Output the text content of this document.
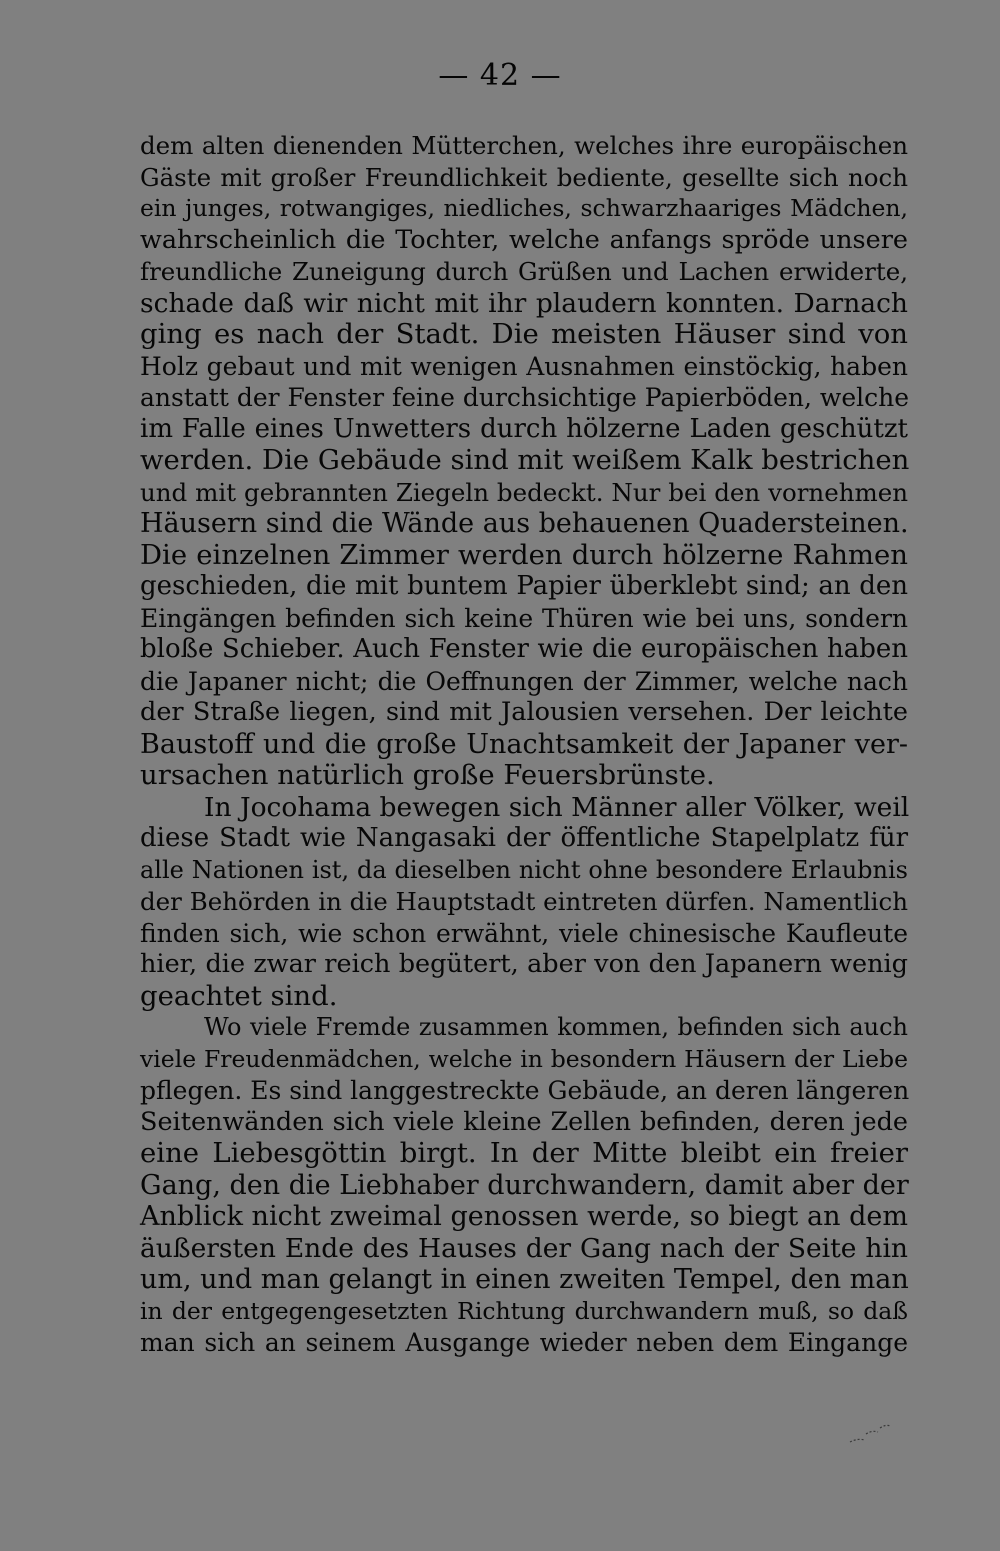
— 42 —
dem alten dienenden Mütterchen, welches ihre europäischen
Gäste mit großer Freundlichkeit bediente, gesellte sich noch
ein junges, rotwangiges, niedliches, schwarzhaariges Mädchen,
wahrscheinlich die Tochter, welche anfangs spröde unsere
freundliche Zuneigung durch Grüßen und Lachen erwiderte,
schade daß wir nicht mit ihr plaudern konnten. Darnach
ging es nach der Stadt. Die meisten Häuser sind von
Holz gebaut und mit wenigen Ausnahmen einstöckig, haben
anstatt der Fenster feine durchsichtige Papierböden, welche
im Falle eines Unwetters durch hölzerne Laden geschützt
werden. Die Gebäude sind mit weißem Kalk bestrichen
und mit gebrannten Ziegeln bedeckt. Nur bei den vornehmen
Häusern sind die Wände aus behauenen Quadersteinen.
Die einzelnen Zimmer werden durch hölzerne Rahmen
geschieden, die mit buntem Papier überklebt sind; an den
Eingängen befinden sich keine Thüren wie bei uns, sondern
bloße Schieber. Auch Fenster wie die europäischen haben
die Japaner nicht; die Oeffnungen der Zimmer, welche nach
der Straße liegen, sind mit Jalousien versehen. Der leichte
Baustoff und die große Unachtsamkeit der Japaner ver-
ursachen natürlich große Feuersbrünste.
In Jocohama bewegen sich Männer aller Völker, weil
diese Stadt wie Nangasaki der öffentliche Stapelplatz für
alle Nationen ist, da dieselben nicht ohne besondere Erlaubnis
der Behörden in die Hauptstadt eintreten dürfen. Namentlich
finden sich, wie schon erwähnt, viele chinesische Kaufleute
hier, die zwar reich begütert, aber von den Japanern wenig
geachtet sind.
Wo viele Fremde zusammen kommen, befinden sich auch
viele Freudenmädchen, welche in besondern Häusern der Liebe
pflegen. Es sind langgestreckte Gebäude, an deren längeren
Seitenwänden sich viele kleine Zellen befinden, deren jede
eine Liebesgöttin birgt. In der Mitte bleibt ein freier
Gang, den die Liebhaber durchwandern, damit aber der
Anblick nicht zweimal genossen werde, so biegt an dem
äußersten Ende des Hauses der Gang nach der Seite hin
um, und man gelangt in einen zweiten Tempel, den man
in der entgegengesetzten Richtung durchwandern muß, so daß
man sich an seinem Ausgange wieder neben dem Eingange
